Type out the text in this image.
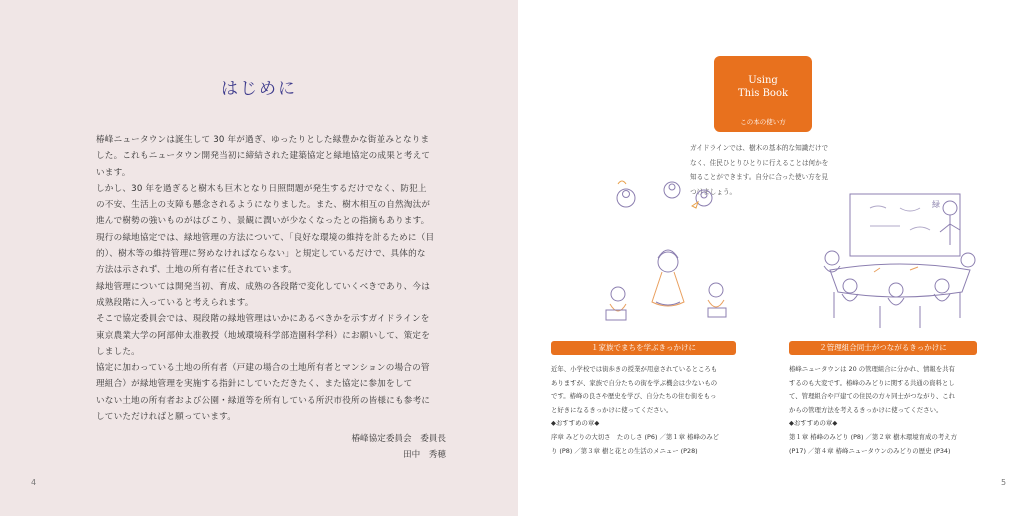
はじめに

椿峰ニュータウンは誕生して 30 年が過ぎ、ゆったりとした緑豊かな街並みとなりま

した。これもニュータウン開発当初に締結された建築協定と緑地協定の成果と考えて

います。

しかし、30 年を過ぎると樹木も巨木となり日照問題が発生するだけでなく、防犯上

の不安、生活上の支障も懸念されるようになりました。また、樹木相互の自然淘汰が

進んで樹勢の強いものがはびこり、景観に潤いが少なくなったとの指摘もあります。

現行の緑地協定では、緑地管理の方法について、「良好な環境の維持を計るために（目

的）、樹木等の維持管理に努めなければならない」と規定しているだけで、具体的な

方法は示されず、土地の所有者に任されています。

緑地管理については開発当初、育成、成熟の各段階で変化していくべきであり、今は

成熟段階に入っていると考えられます。

そこで協定委員会では、現段階の緑地管理はいかにあるべきかを示すガイドラインを

東京農業大学の阿部伸太准教授（地域環境科学部造園科学科）にお願いして、策定を

しました。

協定に加わっている土地の所有者（戸建の場合の土地所有者とマンションの場合の管

理組合）が緑地管理を実施する指針にしていただきたく、また協定に参加をして

いない土地の所有者および公園・緑道等を所有している所沢市役所の皆様にも参考に

していただければと願っています。

椿峰協定委員会　委員長
田中　秀穂
4
Using
This Book
この本の使い方
ガイドラインでは、樹木の基本的な知識だけで
なく、住民ひとりひとりに行えることは何かを
知ることができます。自分に合った使い方を見
つけましょう。
緑
１家族でまちを学ぶきっかけに	２管理組合同士がつながるきっかけに

近年、小学校では街歩きの授業が用意されているところも

ありますが、家族で自分たちの街を学ぶ機会は少ないもの

です。椿峰の良さや歴史を学び、自分たちの住む街をもっ

と好きになるきっかけに使ってください。

◆おすすめの章◆

序章 みどりの大切さ　たのしさ (P6) ／第１章 椿峰のみど

り (P8) ／第３章 樹と花との生活のメニュー (P28)

椿峰ニュータウンは 20 の管理組合に分かれ、情報を共有

するのも大変です。椿峰のみどりに関する共通の資料とし

て、管理組合や戸建ての住民の方々同士がつながり、これ

からの管理方法を考えるきっかけに使ってください。

◆おすすめの章◆

第１章 椿峰のみどり (P8) ／第２章 樹木環境育成の考え方

(P17) ／第４章 椿峰ニュータウンのみどりの歴史 (P34)

5
